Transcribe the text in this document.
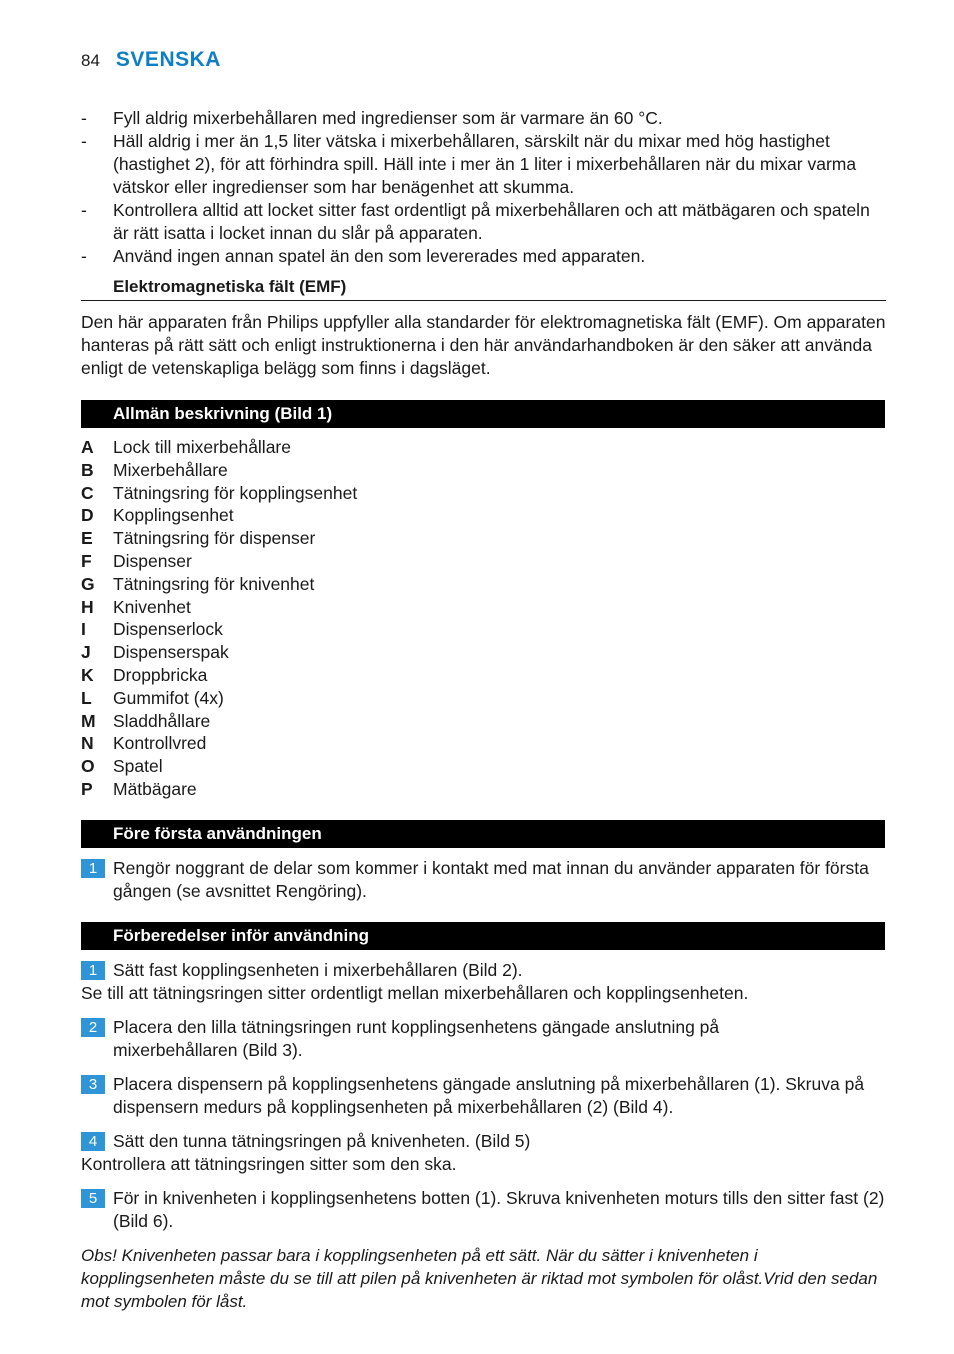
84 SVENSKA
- Fyll aldrig mixerbehållaren med ingredienser som är varmare än 60 °C.
- Häll aldrig i mer än 1,5 liter vätska i mixerbehållaren, särskilt när du mixar med hög hastighet (hastighet 2), för att förhindra spill. Häll inte i mer än 1 liter i mixerbehållaren när du mixar varma vätskor eller ingredienser som har benägenhet att skumma.
- Kontrollera alltid att locket sitter fast ordentligt på mixerbehållaren och att mätbägaren och spateln är rätt isatta i locket innan du slår på apparaten.
- Använd ingen annan spatel än den som levererades med apparaten.
Elektromagnetiska fält (EMF)

Den här apparaten från Philips uppfyller alla standarder för elektromagnetiska fält (EMF). Om apparaten hanteras på rätt sätt och enligt instruktionerna i den här användarhandboken är den säker att använda enligt de vetenskapliga belägg som finns i dagsläget.

Allmän beskrivning (Bild 1)
A	Lock till mixerbehållare
B	Mixerbehållare
C	Tätningsring för kopplingsenhet
D	Kopplingsenhet
E	Tätningsring för dispenser
F	Dispenser
G	Tätningsring för knivenhet
H	Knivenhet
I	Dispenserlock
J	Dispenserspak
K	Droppbricka
L	Gummifot (4x)
M Sladdhållare
N	Kontrollvred
O	Spatel
P	Mätbägare
Före första användningen
1 Rengör noggrant de delar som kommer i kontakt med mat innan du använder apparaten för första gången (se avsnittet Rengöring).
Förberedelser inför användning
1 Sätt fast kopplingsenheten i mixerbehållaren (Bild 2).

Se till att tätningsringen sitter ordentligt mellan mixerbehållaren och kopplingsenheten.

2 Placera den lilla tätningsringen runt kopplingsenhetens gängade anslutning på mixerbehållaren (Bild 3).
3 Placera dispensern på kopplingsenhetens gängade anslutning på mixerbehållaren (1). Skruva på dispensern medurs på kopplingsenheten på mixerbehållaren (2) (Bild 4).
4 Sätt den tunna tätningsringen på knivenheten. (Bild 5)

Kontrollera att tätningsringen sitter som den ska.

5 För in knivenheten i kopplingsenhetens botten (1). Skruva knivenheten moturs tills den sitter fast (2) (Bild 6).

Obs! Knivenheten passar bara i kopplingsenheten på ett sätt. När du sätter i knivenheten i kopplingsenheten måste du se till att pilen på knivenheten är riktad mot symbolen för olåst.Vrid den sedan mot symbolen för låst.
